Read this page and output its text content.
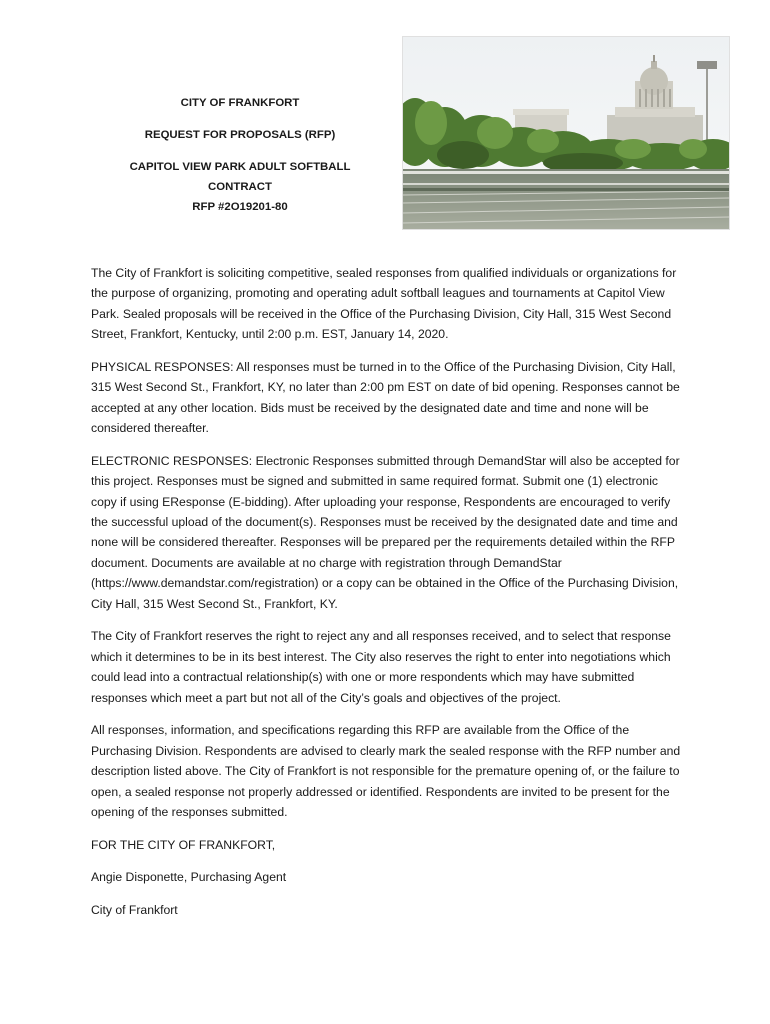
CITY OF FRANKFORT
REQUEST FOR PROPOSALS (RFP)
CAPITOL VIEW PARK ADULT SOFTBALL
CONTRACT
RFP #2O19201-80

The City of Frankfort is soliciting competitive, sealed responses from qualified individuals or organizations for the purpose of organizing, promoting and operating adult softball leagues and tournaments at Capitol View Park. Sealed proposals will be received in the Office of the Purchasing Division, City Hall, 315 West Second Street, Frankfort, Kentucky, until 2:00 p.m. EST, January 14, 2020.

PHYSICAL RESPONSES: All responses must be turned in to the Office of the Purchasing Division, City Hall, 315 West Second St., Frankfort, KY, no later than 2:00 pm EST on date of bid opening. Responses cannot be accepted at any other location. Bids must be received by the designated date and time and none will be considered thereafter.

ELECTRONIC RESPONSES: Electronic Responses submitted through DemandStar will also be accepted for this project. Responses must be signed and submitted in same required format. Submit one (1) electronic copy if using EResponse (E-bidding). After uploading your response, Respondents are encouraged to verify the successful upload of the document(s). Responses must be received by the designated date and time and none will be considered thereafter. Responses will be prepared per the requirements detailed within the RFP document. Documents are available at no charge with registration through DemandStar (https://www.demandstar.com/registration) or a copy can be obtained in the Office of the Purchasing Division, City Hall, 315 West Second St., Frankfort, KY.

The City of Frankfort reserves the right to reject any and all responses received, and to select that response which it determines to be in its best interest. The City also reserves the right to enter into negotiations which could lead into a contractual relationship(s) with one or more respondents which may have submitted responses which meet a part but not all of the City’s goals and objectives of the project.

All responses, information, and specifications regarding this RFP are available from the Office of the Purchasing Division. Respondents are advised to clearly mark the sealed response with the RFP number and description listed above. The City of Frankfort is not responsible for the premature opening of, or the failure to open, a sealed response not properly addressed or identified. Respondents are invited to be present for the opening of the responses submitted.

FOR THE CITY OF FRANKFORT,

Angie Disponette, Purchasing Agent

City of Frankfort
